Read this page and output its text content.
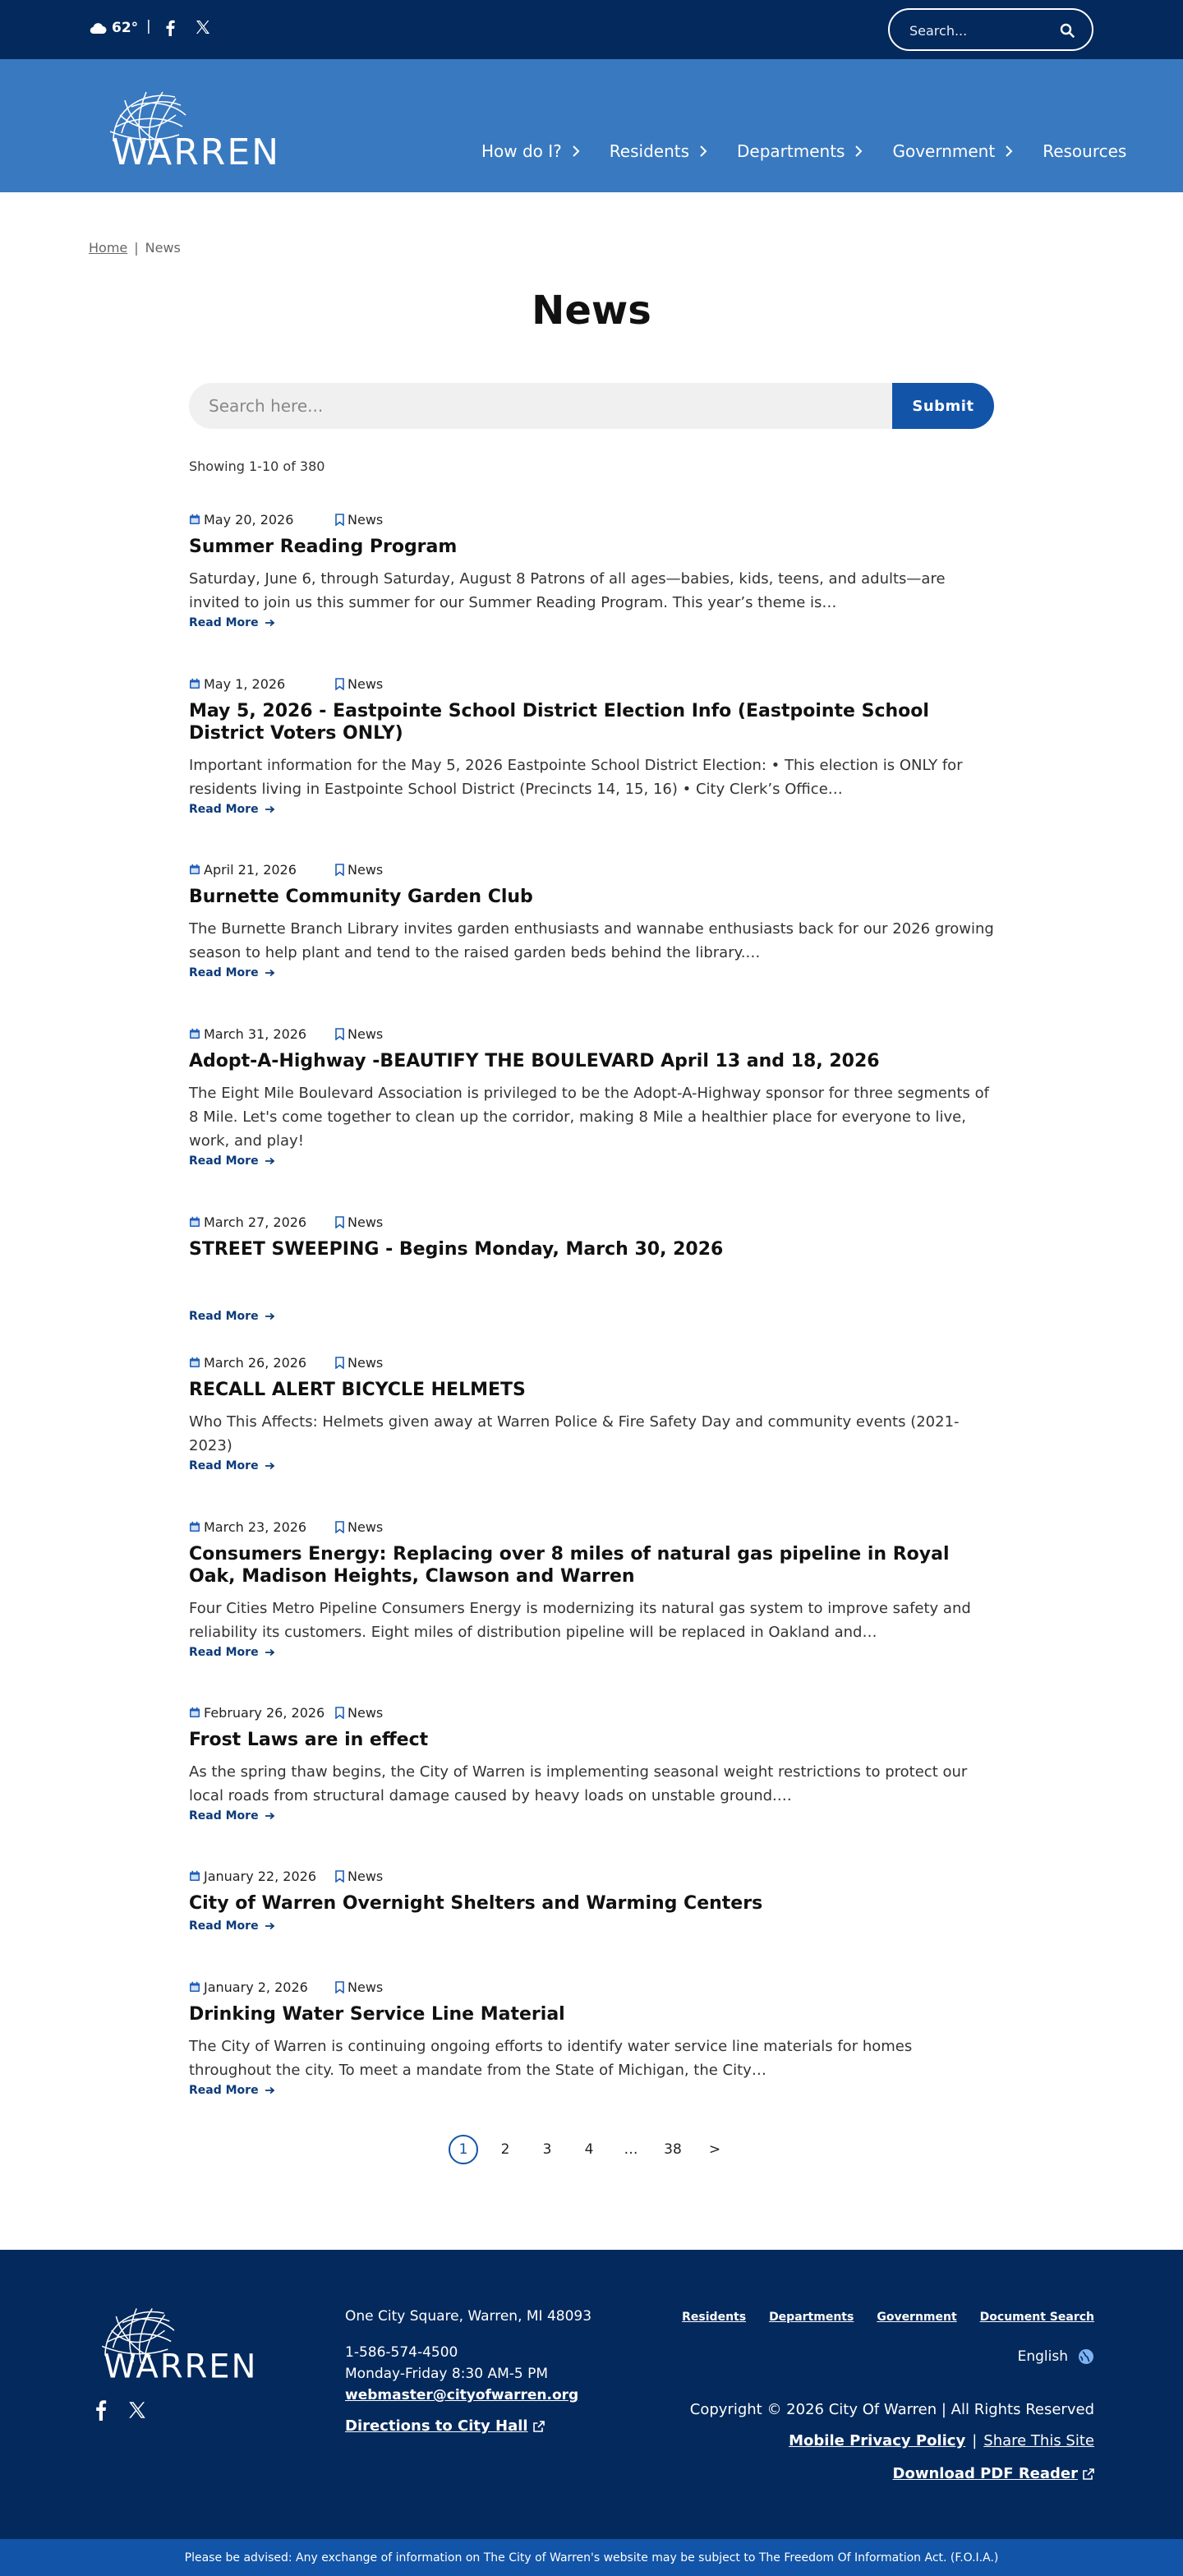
62° |
Search...
WARREN	How do I?	Residents	Departments	Government	Resources
Home | News
News
Search here...
Submit
Showing 1-10 of 380
May 20, 2026	News
Summer Reading Program
Saturday, June 6, through Saturday, August 8 Patrons of all ages—babies, kids, teens, and adults—are invited to join us this summer for our Summer Reading Program. This year’s theme is…
Read More
May 1, 2026	News
May 5, 2026 - Eastpointe School District Election Info (Eastpointe School District Voters ONLY)
Important information for the May 5, 2026 Eastpointe School District Election: • This election is ONLY for residents living in Eastpointe School District (Precincts 14, 15, 16) • City Clerk’s Office…
Read More
April 21, 2026	News
Burnette Community Garden Club
The Burnette Branch Library invites garden enthusiasts and wannabe enthusiasts back for our 2026 growing season to help plant and tend to the raised garden beds behind the library.…
Read More
March 31, 2026	News
Adopt-A-Highway -BEAUTIFY THE BOULEVARD April 13 and 18, 2026
The Eight Mile Boulevard Association is privileged to be the Adopt-A-Highway sponsor for three segments of 8 Mile. Let's come together to clean up the corridor, making 8 Mile a healthier place for everyone to live, work, and play!
Read More
March 27, 2026	News
STREET SWEEPING - Begins Monday, March 30, 2026
Read More
March 26, 2026	News
RECALL ALERT BICYCLE HELMETS
Who This Affects: Helmets given away at Warren Police & Fire Safety Day and community events (2021-2023)
Read More
March 23, 2026	News
Consumers Energy: Replacing over 8 miles of natural gas pipeline in Royal Oak, Madison Heights, Clawson and Warren
Four Cities Metro Pipeline Consumers Energy is modernizing its natural gas system to improve safety and reliability its customers. Eight miles of distribution pipeline will be replaced in Oakland and…
Read More
February 26, 2026	News
Frost Laws are in effect
As the spring thaw begins, the City of Warren is implementing seasonal weight restrictions to protect our local roads from structural damage caused by heavy loads on unstable ground.…
Read More
January 22, 2026	News
City of Warren Overnight Shelters and Warming Centers
Read More
January 2, 2026	News
Drinking Water Service Line Material
The City of Warren is continuing ongoing efforts to identify water service line materials for homes throughout the city. To meet a mandate from the State of Michigan, the City…
Read More
1	2	3	4	…	38	>
WARREN
One City Square, Warren, MI 48093
1-586-574-4500
Monday-Friday 8:30 AM-5 PM
webmaster@cityofwarren.org
Directions to City Hall
Residents Departments Government Document Search
English
Copyright © 2026 City Of Warren | All Rights Reserved
Mobile Privacy Policy | Share This Site
Download PDF Reader
Please be advised: Any exchange of information on The City of Warren's website may be subject to The Freedom Of Information Act. (F.O.I.A.)
